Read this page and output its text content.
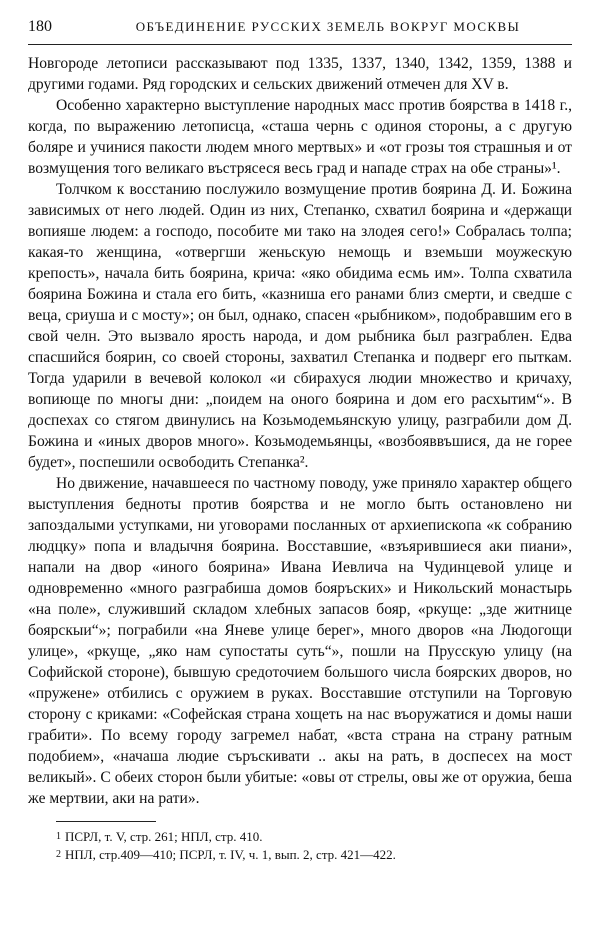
180	ОБЪЕДИНЕНИЕ РУССКИХ ЗЕМЕЛЬ ВОКРУГ МОСКВЫ

Новгороде летописи рассказывают под 1335, 1337, 1340, 1342, 1359, 1388 и другими годами. Ряд городских и сельских движений отмечен для XV в.

Особенно характерно выступление народных масс против боярства в 1418 г., когда, по выражению летописца, «сташа чернь с одиноя стороны, а с другую боляре и учинися пакости людем много мертвых» и «от грозы тоя страшныя и от возмущения того великаго въстрясеся весь град и нападе страх на обе страны»¹.

Толчком к восстанию послужило возмущение против боярина Д. И. Божина зависимых от него людей. Один из них, Степанко, схватил боярина и «держащи вопияше людем: а господо, пособите ми тако на злодея сего!» Собралась толпа; какая-то женщина, «отвергши женьскую немощь и вземьши моужескую крепость», начала бить боярина, крича: «яко обидима есмь им». Толпа схватила боярина Божина и стала его бить, «казниша его ранами близ смерти, и сведше с веца, сриуша и с мосту»; он был, однако, спасен «рыбником», подобравшим его в свой челн. Это вызвало ярость народа, и дом рыбника был разграблен. Едва спасшийся боярин, со своей стороны, захватил Степанка и подверг его пыткам. Тогда ударили в вечевой колокол «и сбирахуся людии множество и кричаху, вопиюще по многы дни: „поидем на оного боярина и дом его расхытим“». В доспехах со стягом двинулись на Козьмодемьянскую улицу, разграбили дом Д. Божина и «иных дворов много». Козьмодемьянцы, «возбояввъшися, да не горее будет», поспешили освободить Степанка².

Но движение, начавшееся по частному поводу, уже приняло характер общего выступления бедноты против боярства и не могло быть остановлено ни запоздалыми уступками, ни уговорами посланных от архиепископа «к собранию людцку» попа и владычня боярина. Восставшие, «взъярившиеся аки пиани», напали на двор «иного боярина» Ивана Иевлича на Чудинцевой улице и одновременно «много разграбиша домов бояръских» и Никольский монастырь «на поле», служивший складом хлебных запасов бояр, «ркуще: „зде житнице боярскыи“»; пограбили «на Яневе улице берег», много дворов «на Людогощи улице», «ркуще, „яко нам супостаты суть“», пошли на Прусскую улицу (на Софийской стороне), бывшую средоточием большого числа боярских дворов, но «пружене» отбились с оружием в руках. Восставшие отступили на Торговую сторону с криками: «Софейская страна хощеть на нас въоружатися и домы наши грабити». По всему городу загремел набат, «вста страна на страну ратным подобием», «начаша людие съръскивати .. акы на рать, в доспесех на мост великый». С обеих сторон были убитые: «овы от стрелы, овы же от оружиа, беша же мертвии, аки на рати».

$^1$ ПСРЛ, т. V, стр. 261; НПЛ, стр. 410.
$^2$ НПЛ, стр.409—410; ПСРЛ, т. IV, ч. 1, вып. 2, стр. 421—422.
